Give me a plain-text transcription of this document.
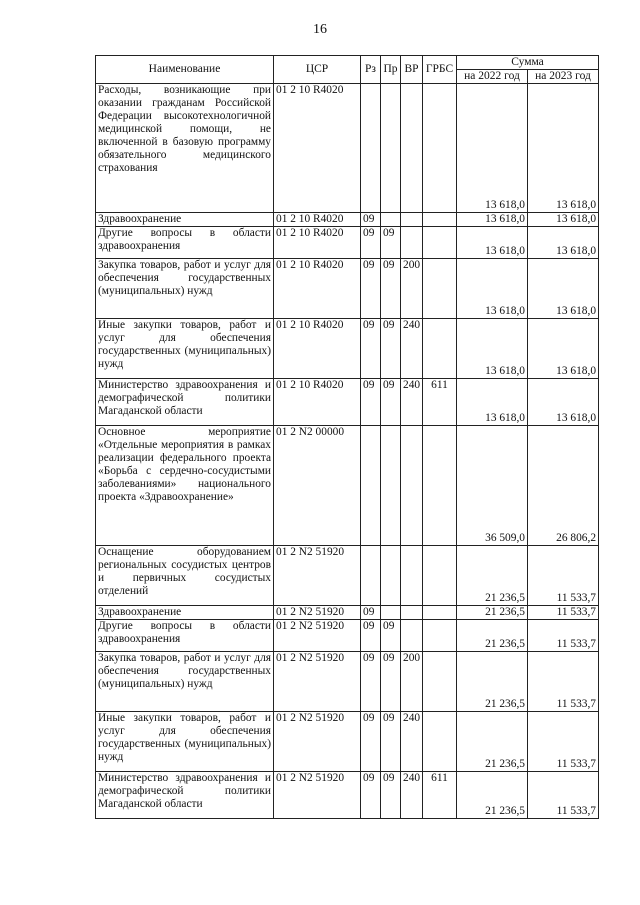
16
Наименование	ЦСР	Рз	Пр	ВР	ГРБС	Сумма	
						на 2022 год	на 2023 год
Расходы, возникающие при оказании гражданам Российской Федерации высокотехнологичной медицинской помощи, не включенной в базовую программу обязательного медицинского страхования	01 2 10 R4020					13 618,0	13 618,0
Здравоохранение	01 2 10 R4020	09				13 618,0	13 618,0
Другие вопросы в области здравоохранения	01 2 10 R4020	09	09			13 618,0	13 618,0
Закупка товаров, работ и услуг для обеспечения государственных (муниципальных) нужд	01 2 10 R4020	09	09	200		13 618,0	13 618,0
Иные закупки товаров, работ и услуг для обеспечения государственных (муниципальных) нужд	01 2 10 R4020	09	09	240		13 618,0	13 618,0
Министерство здравоохранения и демографической политики Магаданской области	01 2 10 R4020	09	09	240	611	13 618,0	13 618,0
Основное мероприятие «Отдельные мероприятия в рамках реализации федерального проекта «Борьба с сердечно-сосудистыми заболеваниями» национального проекта «Здравоохранение»	01 2 N2 00000					36 509,0	26 806,2
Оснащение оборудованием региональных сосудистых центров и первичных сосудистых отделений	01 2 N2 51920					21 236,5	11 533,7
Здравоохранение	01 2 N2 51920	09				21 236,5	11 533,7
Другие вопросы в области здравоохранения	01 2 N2 51920	09	09			21 236,5	11 533,7
Закупка товаров, работ и услуг для обеспечения государственных (муниципальных) нужд	01 2 N2 51920	09	09	200		21 236,5	11 533,7
Иные закупки товаров, работ и услуг для обеспечения государственных (муниципальных) нужд	01 2 N2 51920	09	09	240		21 236,5	11 533,7
Министерство здравоохранения и демографической политики Магаданской области	01 2 N2 51920	09	09	240	611	21 236,5	11 533,7
